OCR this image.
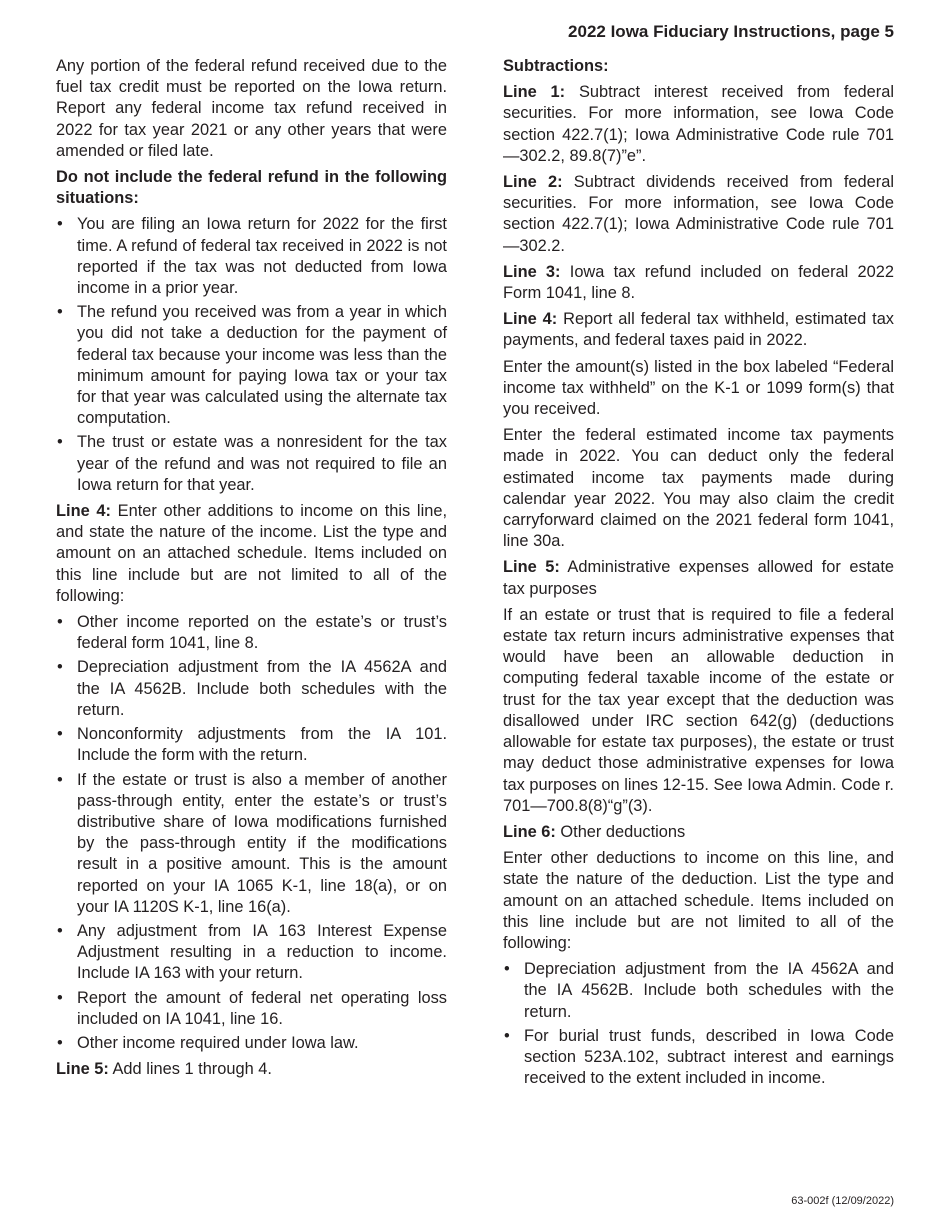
2022 Iowa Fiduciary Instructions, page 5

Any portion of the federal refund received due to the fuel tax credit must be reported on the Iowa return. Report any federal income tax refund received in 2022 for tax year 2021 or any other years that were amended or filed late.

Do not include the federal refund in the following situations:

• You are filing an Iowa return for 2022 for the first time. A refund of federal tax received in 2022 is not reported if the tax was not deducted from Iowa income in a prior year.
• The refund you received was from a year in which you did not take a deduction for the payment of federal tax because your income was less than the minimum amount for paying Iowa tax or your tax for that year was calculated using the alternate tax computation.
• The trust or estate was a nonresident for the tax year of the refund and was not required to file an Iowa return for that year.

Line 4: Enter other additions to income on this line, and state the nature of the income. List the type and amount on an attached schedule. Items included on this line include but are not limited to all of the following:

• Other income reported on the estate’s or trust’s federal form 1041, line 8.
• Depreciation adjustment from the IA 4562A and the IA 4562B. Include both schedules with the return.
• Nonconformity adjustments from the IA 101. Include the form with the return.
• If the estate or trust is also a member of another pass-through entity, enter the estate’s or trust’s distributive share of Iowa modifications furnished by the pass-through entity if the modifications result in a positive amount. This is the amount reported on your IA 1065 K-1, line 18(a), or on your IA 1120S K-1, line 16(a).
• Any adjustment from IA 163 Interest Expense Adjustment resulting in a reduction to income. Include IA 163 with your return.
• Report the amount of federal net operating loss included on IA 1041, line 16.
• Other income required under Iowa law.

Line 5: Add lines 1 through 4.

Subtractions:

Line 1: Subtract interest received from federal securities. For more information, see Iowa Code section 422.7(1); Iowa Administrative Code rule 701—302.2, 89.8(7)”e”.

Line 2: Subtract dividends received from federal securities. For more information, see Iowa Code section 422.7(1); Iowa Administrative Code rule 701—302.2.

Line 3: Iowa tax refund included on federal 2022 Form 1041, line 8.

Line 4: Report all federal tax withheld, estimated tax payments, and federal taxes paid in 2022.

Enter the amount(s) listed in the box labeled “Federal income tax withheld” on the K-1 or 1099 form(s) that you received.

Enter the federal estimated income tax payments made in 2022. You can deduct only the federal estimated income tax payments made during calendar year 2022. You may also claim the credit carryforward claimed on the 2021 federal form 1041, line 30a.

Line 5: Administrative expenses allowed for estate tax purposes

If an estate or trust that is required to file a federal estate tax return incurs administrative expenses that would have been an allowable deduction in computing federal taxable income of the estate or trust for the tax year except that the deduction was disallowed under IRC section 642(g) (deductions allowable for estate tax purposes), the estate or trust may deduct those administrative expenses for Iowa tax purposes on lines 12-15. See Iowa Admin. Code r. 701—700.8(8)“g”(3).

Line 6: Other deductions

Enter other deductions to income on this line, and state the nature of the deduction. List the type and amount on an attached schedule. Items included on this line include but are not limited to all of the following:

• Depreciation adjustment from the IA 4562A and the IA 4562B. Include both schedules with the return.
• For burial trust funds, described in Iowa Code section 523A.102, subtract interest and earnings received to the extent included in income.
63-002f (12/09/2022)
